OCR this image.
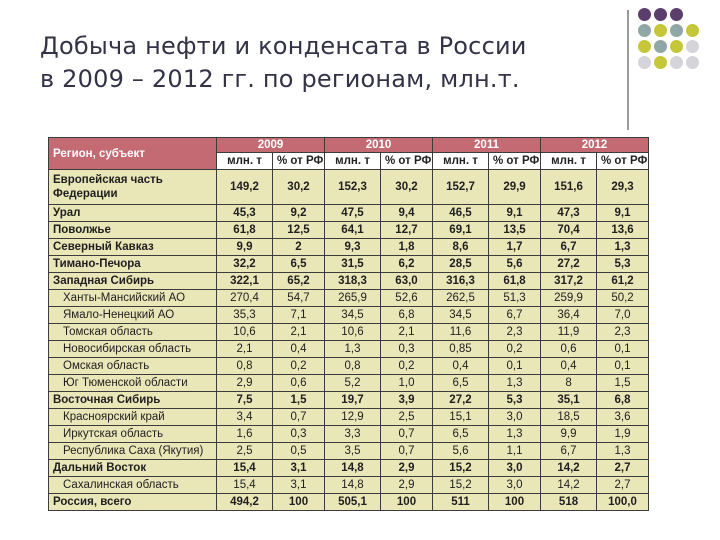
Добыча нефти и конденсата в России
в 2009 – 2012 гг. по регионам, млн.т.
Регион, субъект	2009		2010		2011		2012	
	млн. т	% от РФ	млн. т	% от РФ	млн. т	% от РФ	млн. т	% от РФ
Европейская часть Федерации	149,2	30,2	152,3	30,2	152,7	29,9	151,6	29,3
Урал	45,3	9,2	47,5	9,4	46,5	9,1	47,3	9,1
Поволжье	61,8	12,5	64,1	12,7	69,1	13,5	70,4	13,6
Северный Кавказ	9,9	2	9,3	1,8	8,6	1,7	6,7	1,3
Тимано-Печора	32,2	6,5	31,5	6,2	28,5	5,6	27,2	5,3
Западная Сибирь	322,1	65,2	318,3	63,0	316,3	61,8	317,2	61,2
Ханты-Мансийский АО	270,4	54,7	265,9	52,6	262,5	51,3	259,9	50,2
Ямало-Ненецкий АО	35,3	7,1	34,5	6,8	34,5	6,7	36,4	7,0
Томская область	10,6	2,1	10,6	2,1	11,6	2,3	11,9	2,3
Новосибирская область	2,1	0,4	1,3	0,3	0,85	0,2	0,6	0,1
Омская область	0,8	0,2	0,8	0,2	0,4	0,1	0,4	0,1
Юг Тюменской области	2,9	0,6	5,2	1,0	6,5	1,3	8	1,5
Восточная Сибирь	7,5	1,5	19,7	3,9	27,2	5,3	35,1	6,8
Красноярский край	3,4	0,7	12,9	2,5	15,1	3,0	18,5	3,6
Иркутская область	1,6	0,3	3,3	0,7	6,5	1,3	9,9	1,9
Республика Саха (Якутия)	2,5	0,5	3,5	0,7	5,6	1,1	6,7	1,3
Дальний Восток	15,4	3,1	14,8	2,9	15,2	3,0	14,2	2,7
Сахалинская область	15,4	3,1	14,8	2,9	15,2	3,0	14,2	2,7
Россия, всего	494,2	100	505,1	100	511	100	518	100,0
